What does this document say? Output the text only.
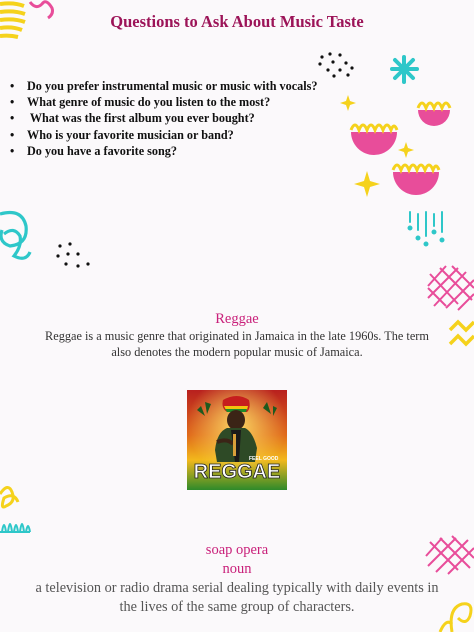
Questions to Ask About Music Taste
• Do you prefer instrumental music or music with vocals?
• What genre of music do you listen to the most?
•  What was the first album you ever bought?
• Who is your favorite musician or band?
• Do you have a favorite song?
Reggae
Reggae is a music genre that originated in Jamaica in the late 1960s. The term also denotes the modern popular music of Jamaica.
FEEL GOOD
REGGAE
soap opera
noun
a television or radio drama serial dealing typically with daily events in the lives of the same group of characters.
